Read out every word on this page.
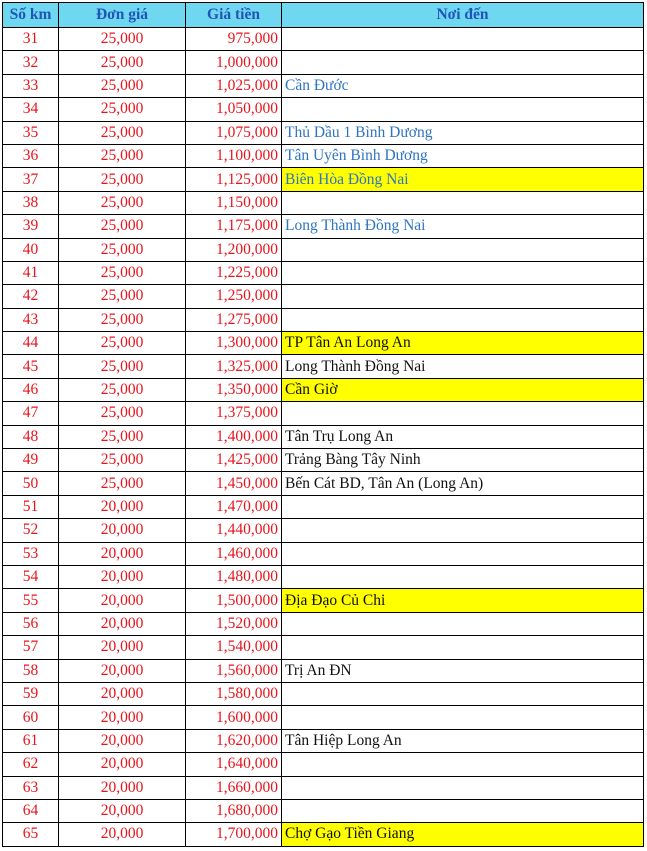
Số km	Đơn giá	Giá tiền	Nơi đến
31	25,000	975,000	
32	25,000	1,000,000	
33	25,000	1,025,000	Cần Đước
34	25,000	1,050,000	
35	25,000	1,075,000	Thủ Dầu 1 Bình Dương
36	25,000	1,100,000	Tân Uyên Bình Dương
37	25,000	1,125,000	Biên Hòa Đồng Nai
38	25,000	1,150,000	
39	25,000	1,175,000	Long Thành Đồng Nai
40	25,000	1,200,000	
41	25,000	1,225,000	
42	25,000	1,250,000	
43	25,000	1,275,000	
44	25,000	1,300,000	TP Tân An Long An
45	25,000	1,325,000	Long Thành Đồng Nai
46	25,000	1,350,000	Cần Giờ
47	25,000	1,375,000	
48	25,000	1,400,000	Tân Trụ Long An
49	25,000	1,425,000	Trảng Bàng Tây Ninh
50	25,000	1,450,000	Bến Cát BD, Tân An (Long An)
51	20,000	1,470,000	
52	20,000	1,440,000	
53	20,000	1,460,000	
54	20,000	1,480,000	
55	20,000	1,500,000	Địa Đạo Củ Chi
56	20,000	1,520,000	
57	20,000	1,540,000	
58	20,000	1,560,000	Trị An ĐN
59	20,000	1,580,000	
60	20,000	1,600,000	
61	20,000	1,620,000	Tân Hiệp Long An
62	20,000	1,640,000	
63	20,000	1,660,000	
64	20,000	1,680,000	
65	20,000	1,700,000	Chợ Gạo Tiền Giang
